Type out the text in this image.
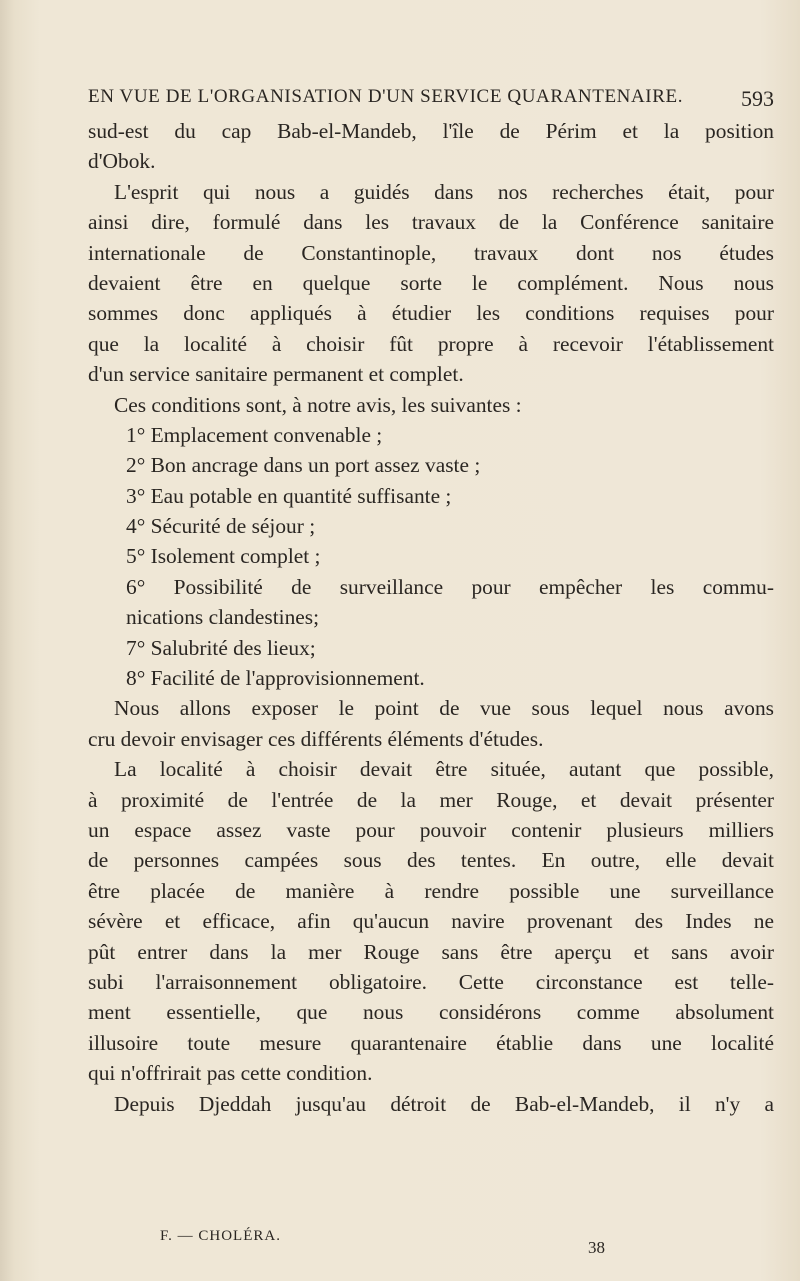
EN VUE DE L'ORGANISATION D'UN SERVICE QUARANTENAIRE.	593
sud-est du cap Bab-el-Mandeb, l'île de Périm et la position
d'Obok.
L'esprit qui nous a guidés dans nos recherches était, pour
ainsi dire, formulé dans les travaux de la Conférence sanitaire
internationale de Constantinople, travaux dont nos études
devaient être en quelque sorte le complément. Nous nous
sommes donc appliqués à étudier les conditions requises pour
que la localité à choisir fût propre à recevoir l'établissement
d'un service sanitaire permanent et complet.
Ces conditions sont, à notre avis, les suivantes :
1° Emplacement convenable ;
2° Bon ancrage dans un port assez vaste ;
3° Eau potable en quantité suffisante ;
4° Sécurité de séjour ;
5° Isolement complet ;
6° Possibilité de surveillance pour empêcher les commu-
nications clandestines;
7° Salubrité des lieux;
8° Facilité de l'approvisionnement.
Nous allons exposer le point de vue sous lequel nous avons
cru devoir envisager ces différents éléments d'études.
La localité à choisir devait être située, autant que possible,
à proximité de l'entrée de la mer Rouge, et devait présenter
un espace assez vaste pour pouvoir contenir plusieurs milliers
de personnes campées sous des tentes. En outre, elle devait
être placée de manière à rendre possible une surveillance
sévère et efficace, afin qu'aucun navire provenant des Indes ne
pût entrer dans la mer Rouge sans être aperçu et sans avoir
subi l'arraisonnement obligatoire. Cette circonstance est telle-
ment essentielle, que nous considérons comme absolument
illusoire toute mesure quarantenaire établie dans une localité
qui n'offrirait pas cette condition.
Depuis Djeddah jusqu'au détroit de Bab-el-Mandeb, il n'y a
F. — CHOLÉRA.
38
